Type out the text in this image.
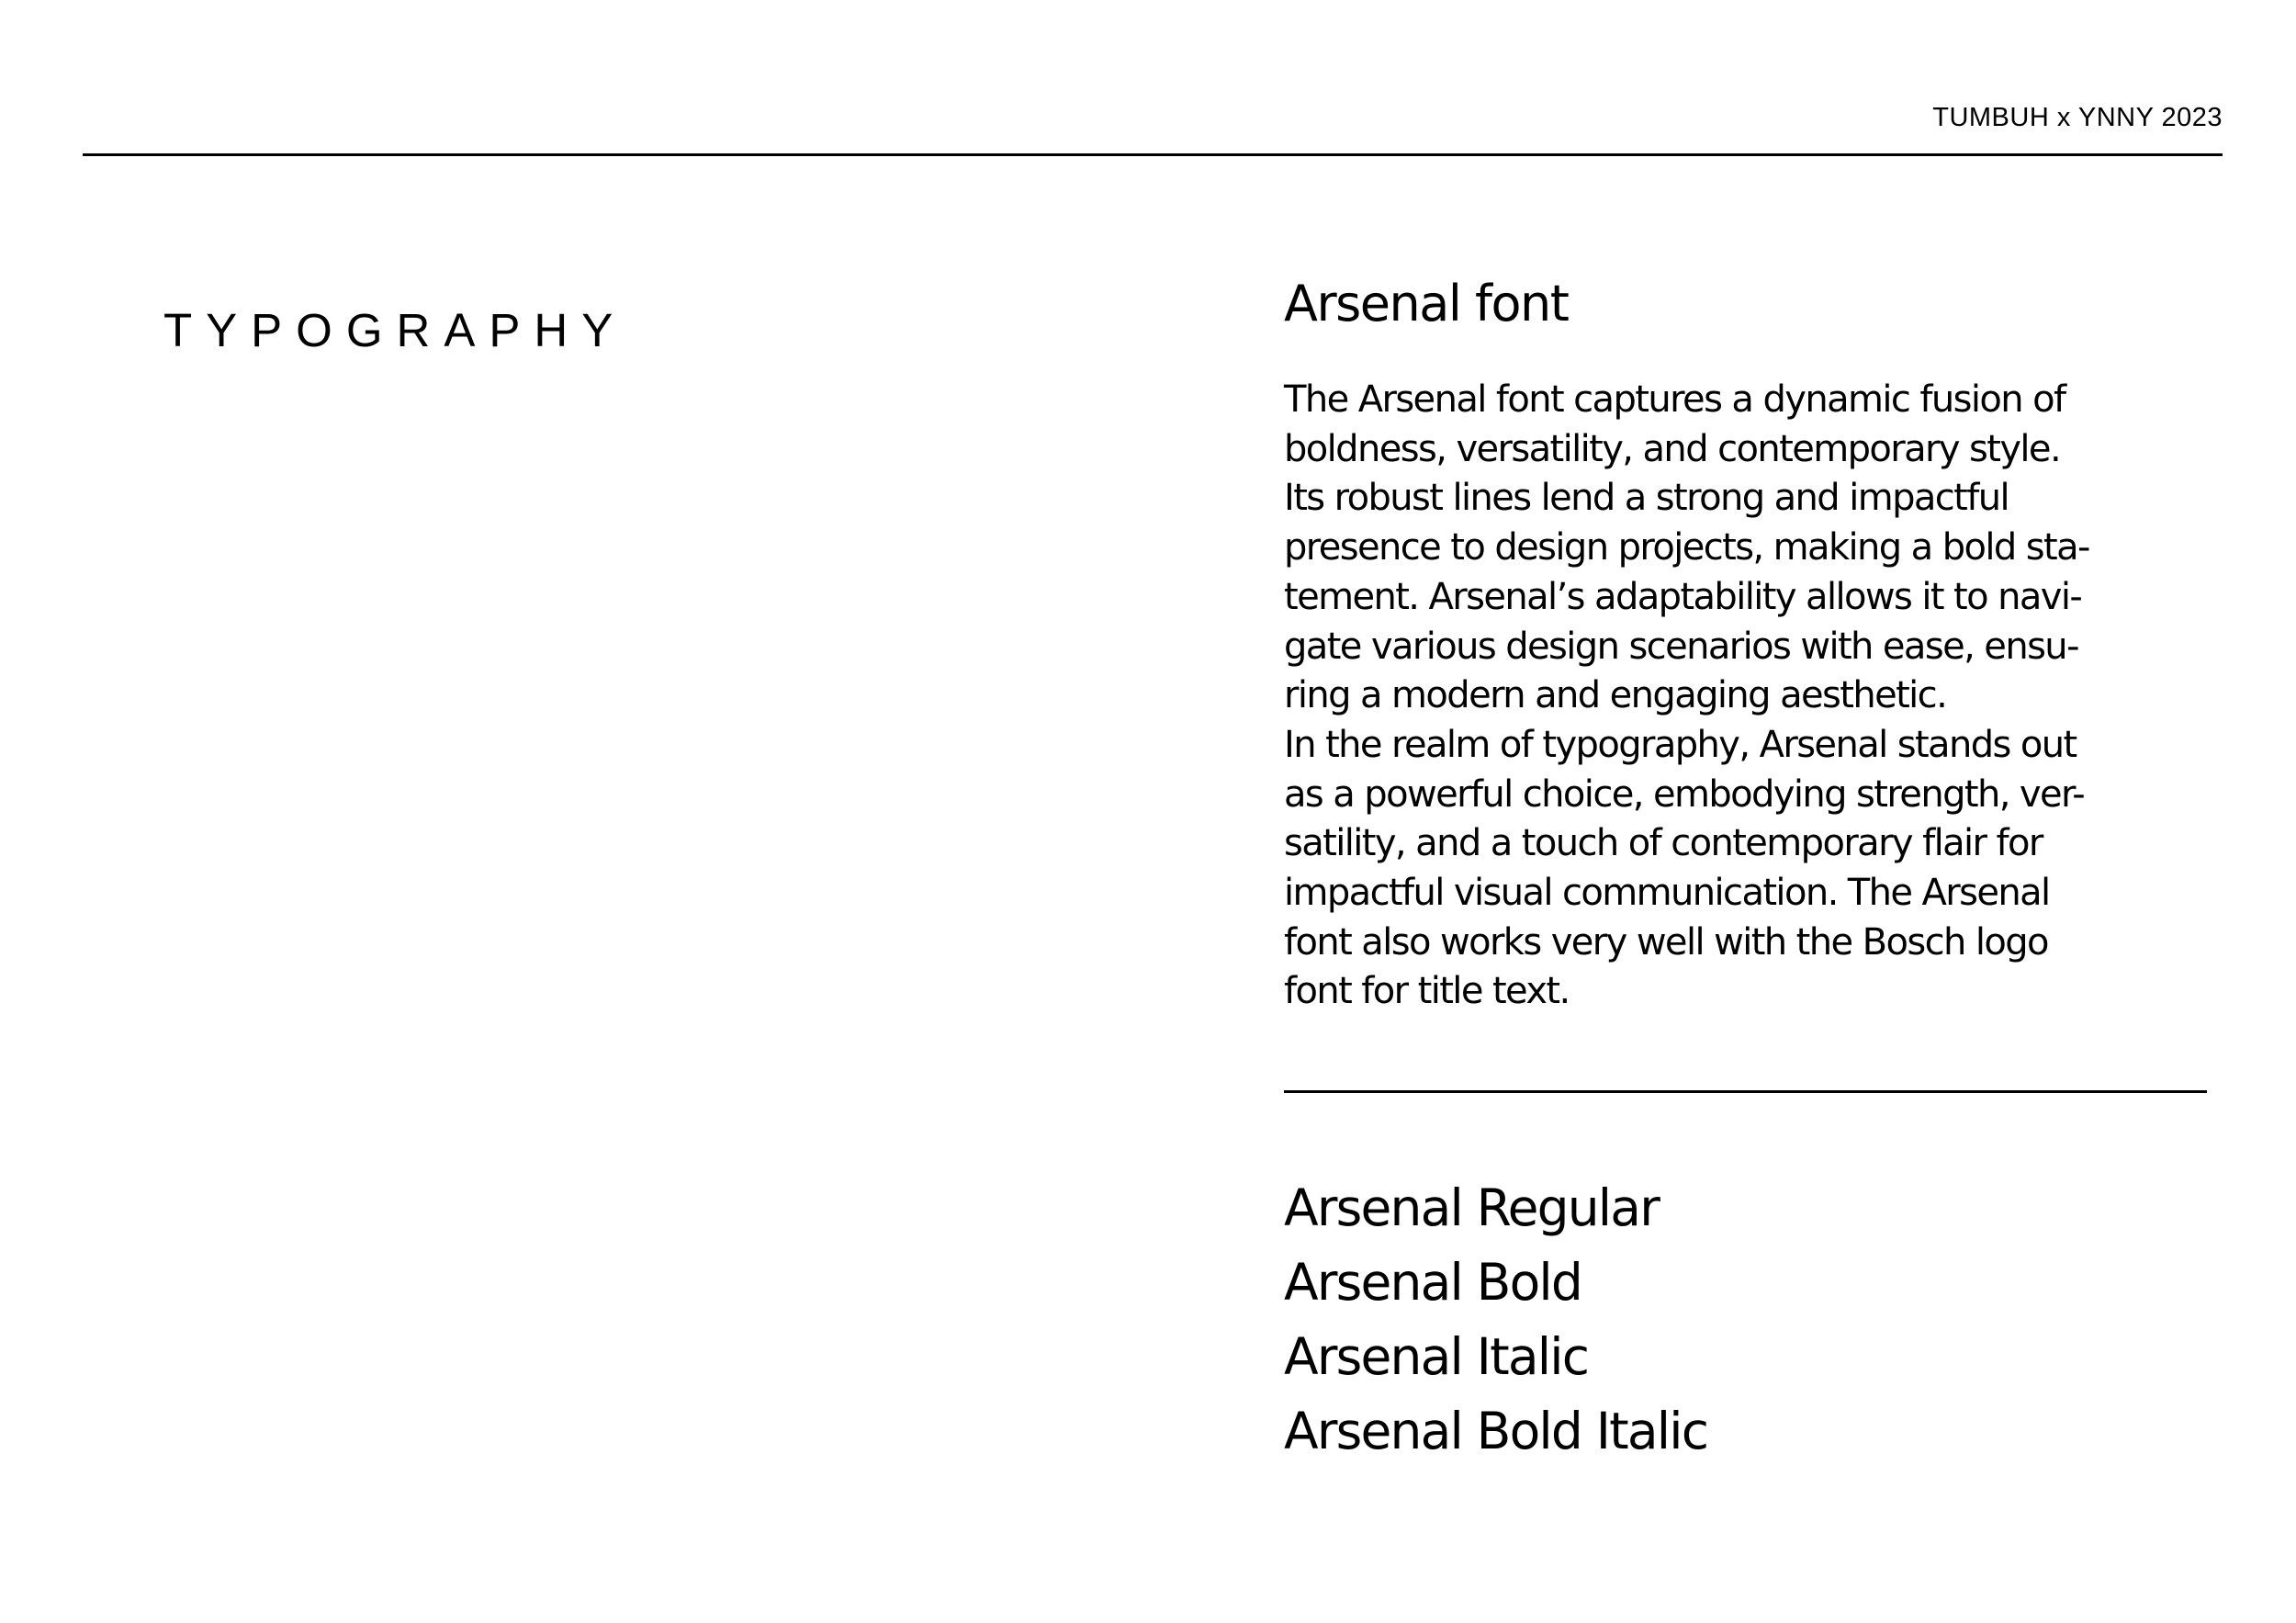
TUMBUH x YNNY 2023
TYPOGRAPHY	Arsenal font

The Arsenal font captures a dynamic fusion of
boldness, versatility, and contemporary style.
Its robust lines lend a strong and impactful
presence to design projects, making a bold sta-
tement. Arsenal’s adaptability allows it to navi-
gate various design scenarios with ease, ensu-
ring a modern and engaging aesthetic.
In the realm of typography, Arsenal stands out
as a powerful choice, embodying strength, ver-
satility, and a touch of contemporary flair for
impactful visual communication. The Arsenal
font also works very well with the Bosch logo
font for title text.

Arsenal Regular
Arsenal Bold
Arsenal Italic
Arsenal Bold Italic
